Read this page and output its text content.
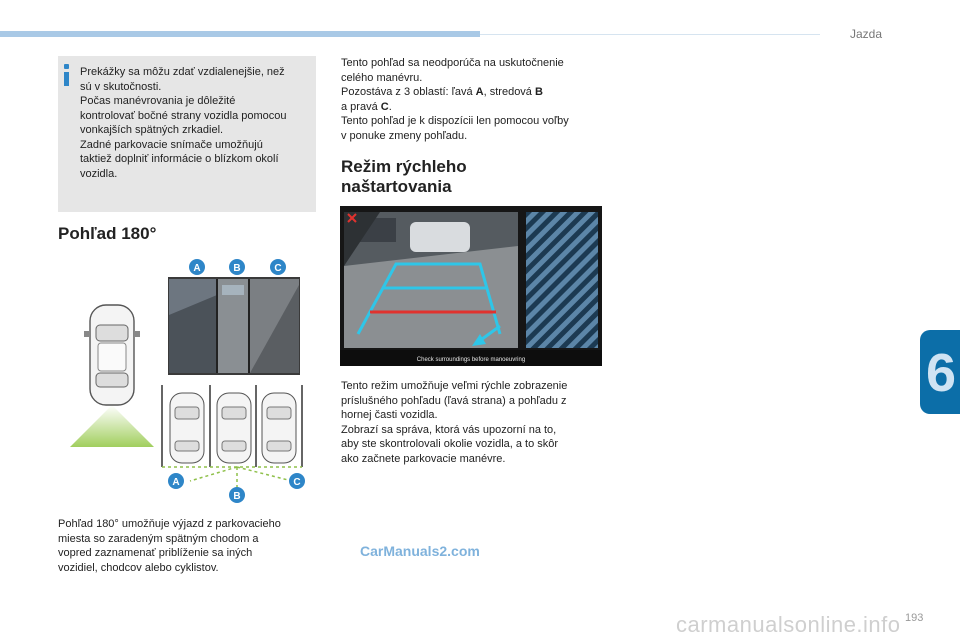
Jazda
6
Prekážky sa môžu zdať vzdialenejšie, než
sú v skutočnosti.
Počas manévrovania je dôležité
kontrolovať bočné strany vozidla pomocou
vonkajších spätných zrkadiel.
Zadné parkovacie snímače umožňujú
taktiež doplniť informácie o blízkom okolí
vozidla.
Pohľad 180°
A	B	C
A
B
C
Pohľad 180° umožňuje výjazd z parkovacieho
miesta so zaradeným spätným chodom a
vopred zaznamenať priblíženie sa iných
vozidiel, chodcov alebo cyklistov.
Tento pohľad sa neodporúča na uskutočnenie
celého manévru.
Pozostáva z 3 oblastí: ľavá A, stredová B
a pravá C.
Tento pohľad je k dispozícii len pomocou voľby
v ponuke zmeny pohľadu.
Režim rýchleho
naštartovania
Check surroundings before manoeuvring
Tento režim umožňuje veľmi rýchle zobrazenie
príslušného pohľadu (ľavá strana) a pohľadu z
hornej časti vozidla.
Zobrazí sa správa, ktorá vás upozorní na to,
aby ste skontrolovali okolie vozidla, a to skôr
ako začnete parkovacie manévre.
CarManuals2.com
carmanualsonline.info 193
